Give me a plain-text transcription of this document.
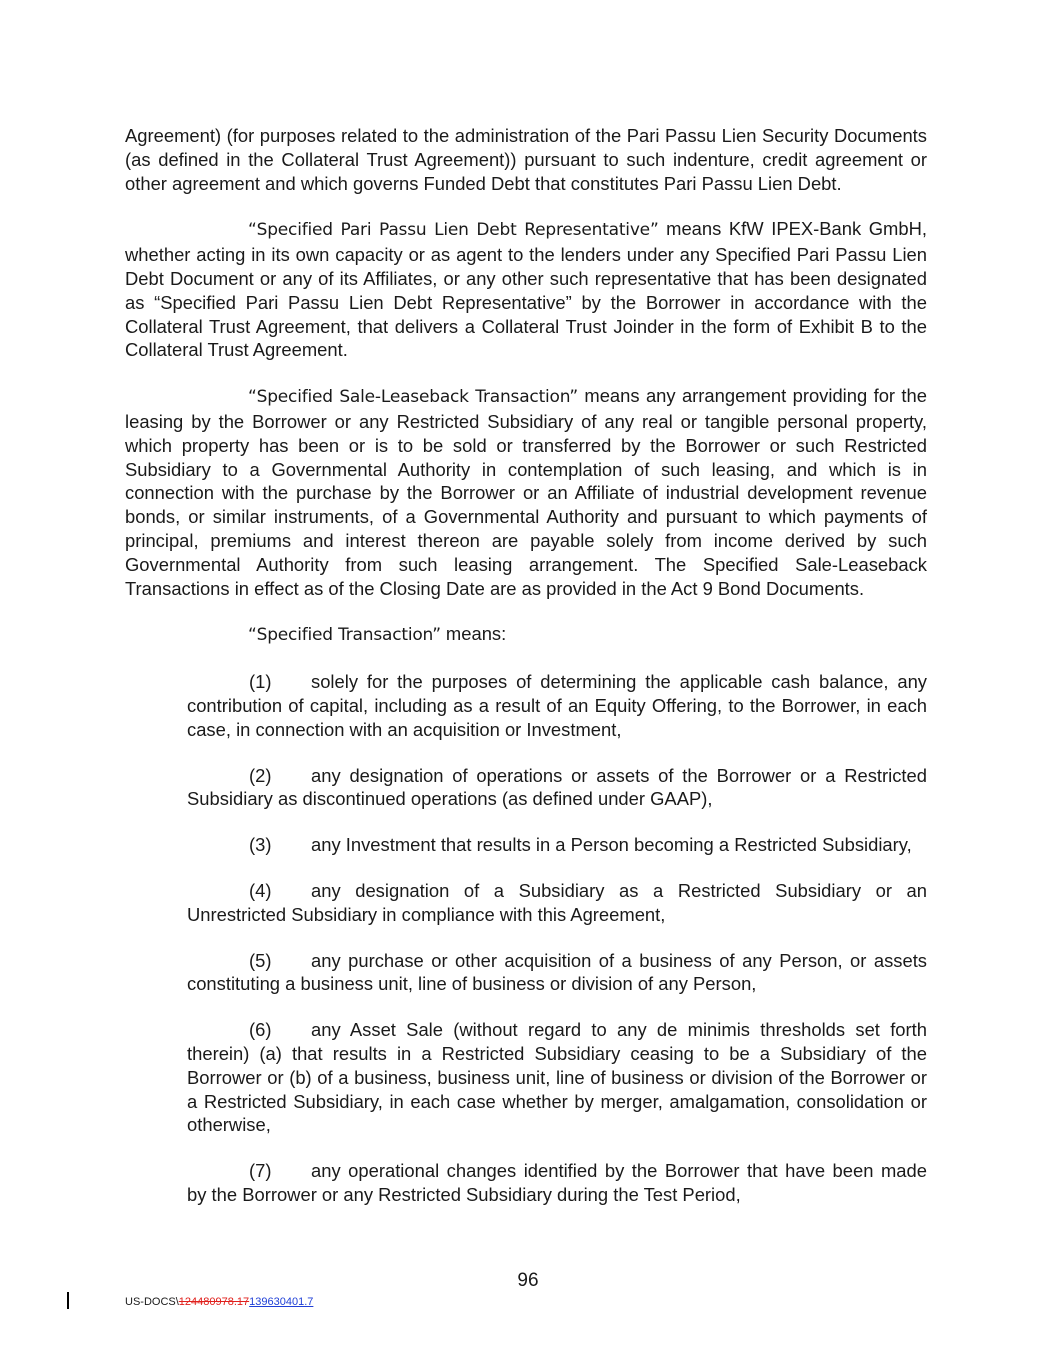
Agreement) (for purposes related to the administration of the Pari Passu Lien Security Documents (as defined in the Collateral Trust Agreement)) pursuant to such indenture, credit agreement or other agreement and which governs Funded Debt that constitutes Pari Passu Lien Debt.

“Specified Pari Passu Lien Debt Representative” means KfW IPEX-Bank GmbH, whether acting in its own capacity or as agent to the lenders under any Specified Pari Passu Lien Debt Document or any of its Affiliates, or any other such representative that has been designated as “Specified Pari Passu Lien Debt Representative” by the Borrower in accordance with the Collateral Trust Agreement, that delivers a Collateral Trust Joinder in the form of Exhibit B to the Collateral Trust Agreement.

“Specified Sale-Leaseback Transaction” means any arrangement providing for the leasing by the Borrower or any Restricted Subsidiary of any real or tangible personal property, which property has been or is to be sold or transferred by the Borrower or such Restricted Subsidiary to a Governmental Authority in contemplation of such leasing, and which is in connection with the purchase by the Borrower or an Affiliate of industrial development revenue bonds, or similar instruments, of a Governmental Authority and pursuant to which payments of principal, premiums and interest thereon are payable solely from income derived by such Governmental Authority from such leasing arrangement. The Specified Sale-Leaseback Transactions in effect as of the Closing Date are as provided in the Act 9 Bond Documents.

“Specified Transaction” means:

(1) solely for the purposes of determining the applicable cash balance, any contribution of capital, including as a result of an Equity Offering, to the Borrower, in each case, in connection with an acquisition or Investment,

(2) any designation of operations or assets of the Borrower or a Restricted Subsidiary as discontinued operations (as defined under GAAP),

(3) any Investment that results in a Person becoming a Restricted Subsidiary,

(4) any designation of a Subsidiary as a Restricted Subsidiary or an Unrestricted Subsidiary in compliance with this Agreement,

(5) any purchase or other acquisition of a business of any Person, or assets constituting a business unit, line of business or division of any Person,

(6) any Asset Sale (without regard to any de minimis thresholds set forth therein) (a) that results in a Restricted Subsidiary ceasing to be a Subsidiary of the Borrower or (b) of a business, business unit, line of business or division of the Borrower or a Restricted Subsidiary, in each case whether by merger, amalgamation, consolidation or otherwise,

(7) any operational changes identified by the Borrower that have been made by the Borrower or any Restricted Subsidiary during the Test Period,

96
US-DOCS\124480978.17139630401.7
